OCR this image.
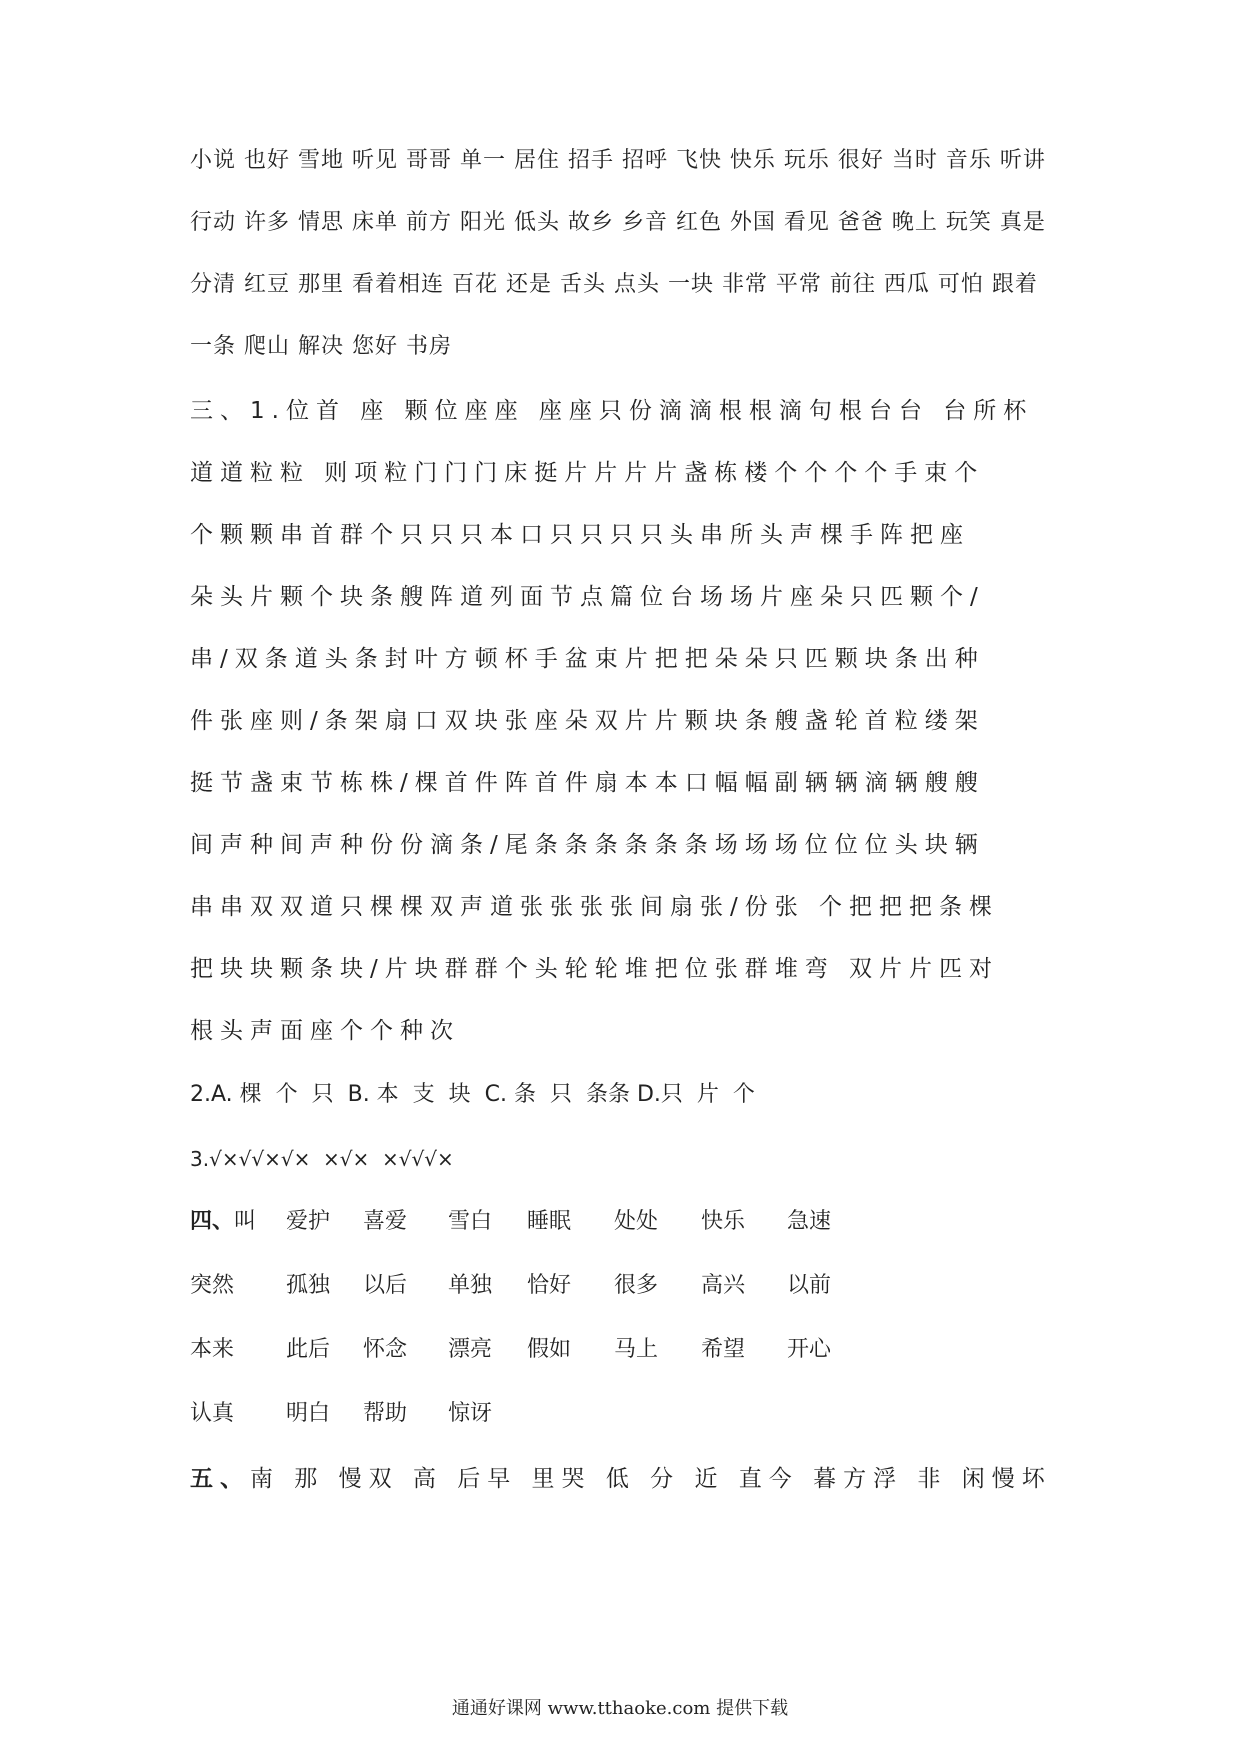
小说 也好 雪地 听见 哥哥 单一 居住 招手 招呼 飞快 快乐 玩乐 很好 当时 音乐 听讲
行动 许多 情思 床单 前方 阳光 低头 故乡 乡音 红色 外国 看见 爸爸 晚上 玩笑 真是
分清 红豆 那里 看着相连 百花 还是 舌头 点头 一块 非常 平常 前往 西瓜 可怕 跟着
一条 爬山 解决 您好 书房
三、1.位首 座 颗位座座 座座只份滴滴根根滴句根台台 台所杯
道道粒粒 则项粒门门门床挺片片片片盏栋楼个个个个手束个
个颗颗串首群个只只只本口只只只只头串所头声棵手阵把座
朵头片颗个块条艘阵道列面节点篇位台场场片座朵只匹颗个/
串/双条道头条封叶方顿杯手盆束片把把朵朵只匹颗块条出种
件张座则/条架扇口双块张座朵双片片颗块条艘盏轮首粒缕架
挺节盏束节栋株/棵首件阵首件扇本本口幅幅副辆辆滴辆艘艘
间声种间声种份份滴条/尾条条条条条条场场场位位位头块辆
串串双双道只棵棵双声道张张张张间扇张/份张 个把把把条棵
把块块颗条块/片块群群个头轮轮堆把位张群堆弯 双片片匹对
根头声面座个个种次
2.A. 棵  个  只  B. 本  支  块  C. 条  只  条条 D.只  片  个
3.√×√√×√×  ×√×  ×√√√×
四、 叫 爱护 喜爱 雪白 睡眠 处处 快乐 急速
突然 孤独 以后 单独 恰好 很多 高兴 以前
本来 此后 怀念 漂亮 假如 马上 希望 开心
认真 明白 帮助 惊讶
五、南 那 慢双 高 后早 里哭 低 分 近 直今 暮方浮 非 闲慢坏
通通好课网 www.tthaoke.com 提供下载
